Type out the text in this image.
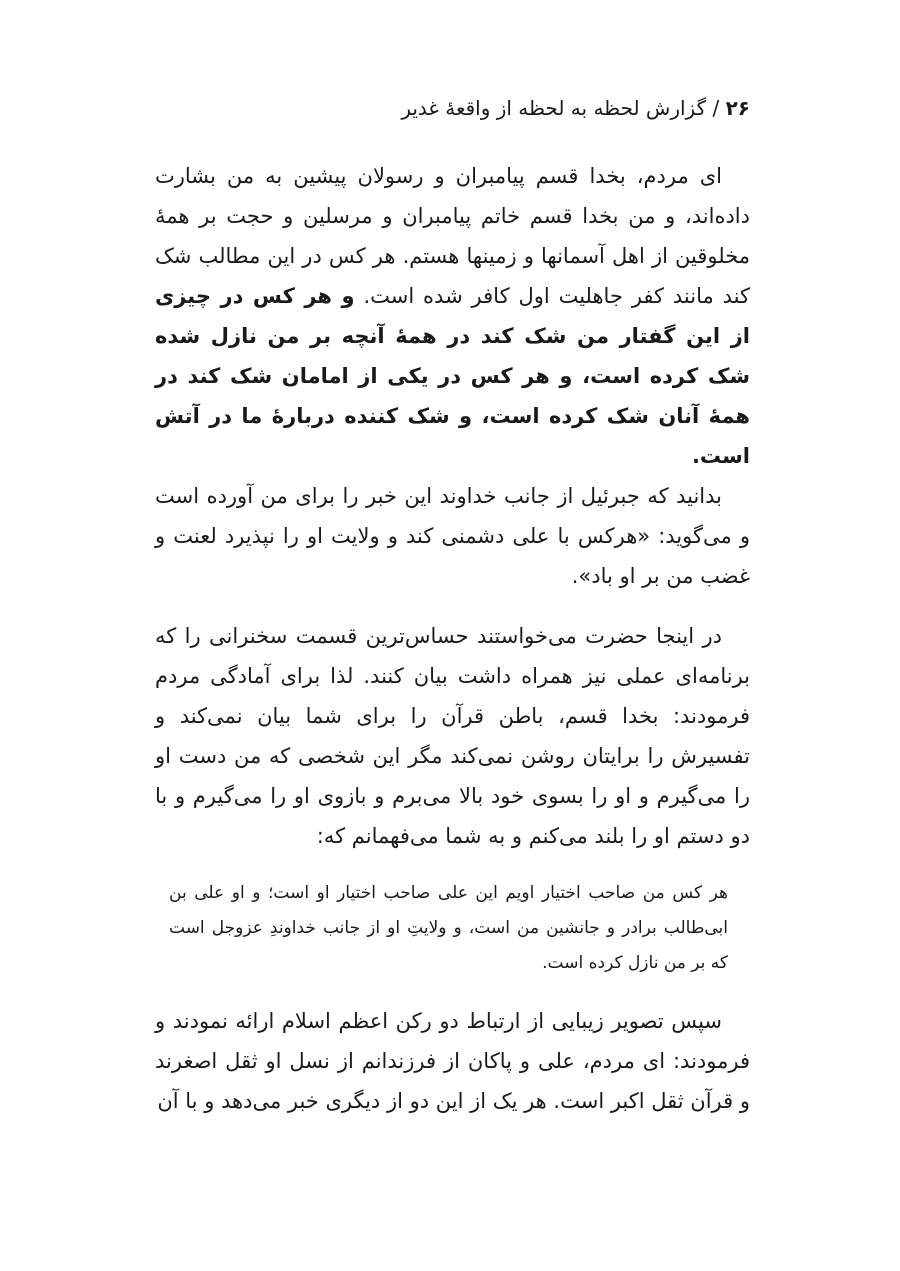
۲۶ / گزارش لحظه به لحظه از واقعهٔ غدیر

ای مردم، بخدا قسم پیامبران و رسولان پیشین به من بشارت داده‌اند، و من بخدا قسم خاتم پیامبران و مرسلین و حجت بر همهٔ مخلوقین از اهل آسمانها و زمینها هستم. هر کس در این مطالب شک کند مانند کفر جاهلیت اول کافر شده است. و هر کس در چیزی از این گفتار من شک کند در همهٔ آنچه بر من نازل شده شک کرده است، و هر کس در یکی از امامان شک کند در همهٔ آنان شک کرده است، و شک کننده دربارهٔ ما در آتش است.

بدانید که جبرئیل از جانب خداوند این خبر را برای من آورده است و می‌گوید: «هرکس با علی دشمنی کند و ولایت او را نپذیرد لعنت و غضب من بر او باد».

در اینجا حضرت می‌خواستند حساس‌ترین قسمت سخنرانی را که برنامه‌ای عملی نیز همراه داشت بیان کنند. لذا برای آمادگی مردم فرمودند: بخدا قسم، باطن قرآن را برای شما بیان نمی‌کند و تفسیرش را برایتان روشن نمی‌کند مگر این شخصی که من دست او را می‌گیرم و او را بسوی خود بالا می‌برم و بازوی او را می‌گیرم و با دو دستم او را بلند می‌کنم و به شما می‌فهمانم که:

هر کس من صاحب اختیار اویم این علی صاحب اختیار او است؛ و او علی بن ابی‌طالب برادر و جانشین من است، و ولایتِ او از جانب خداوندِ عزوجل است که بر من نازل کرده است.

سپس تصویر زیبایی از ارتباط دو رکن اعظم اسلام ارائه نمودند و فرمودند: ای مردم، علی و پاکان از فرزندانم از نسل او ثقل اصغرند و قرآن ثقل اکبر است. هر یک از این دو از دیگری خبر می‌دهد و با آن
